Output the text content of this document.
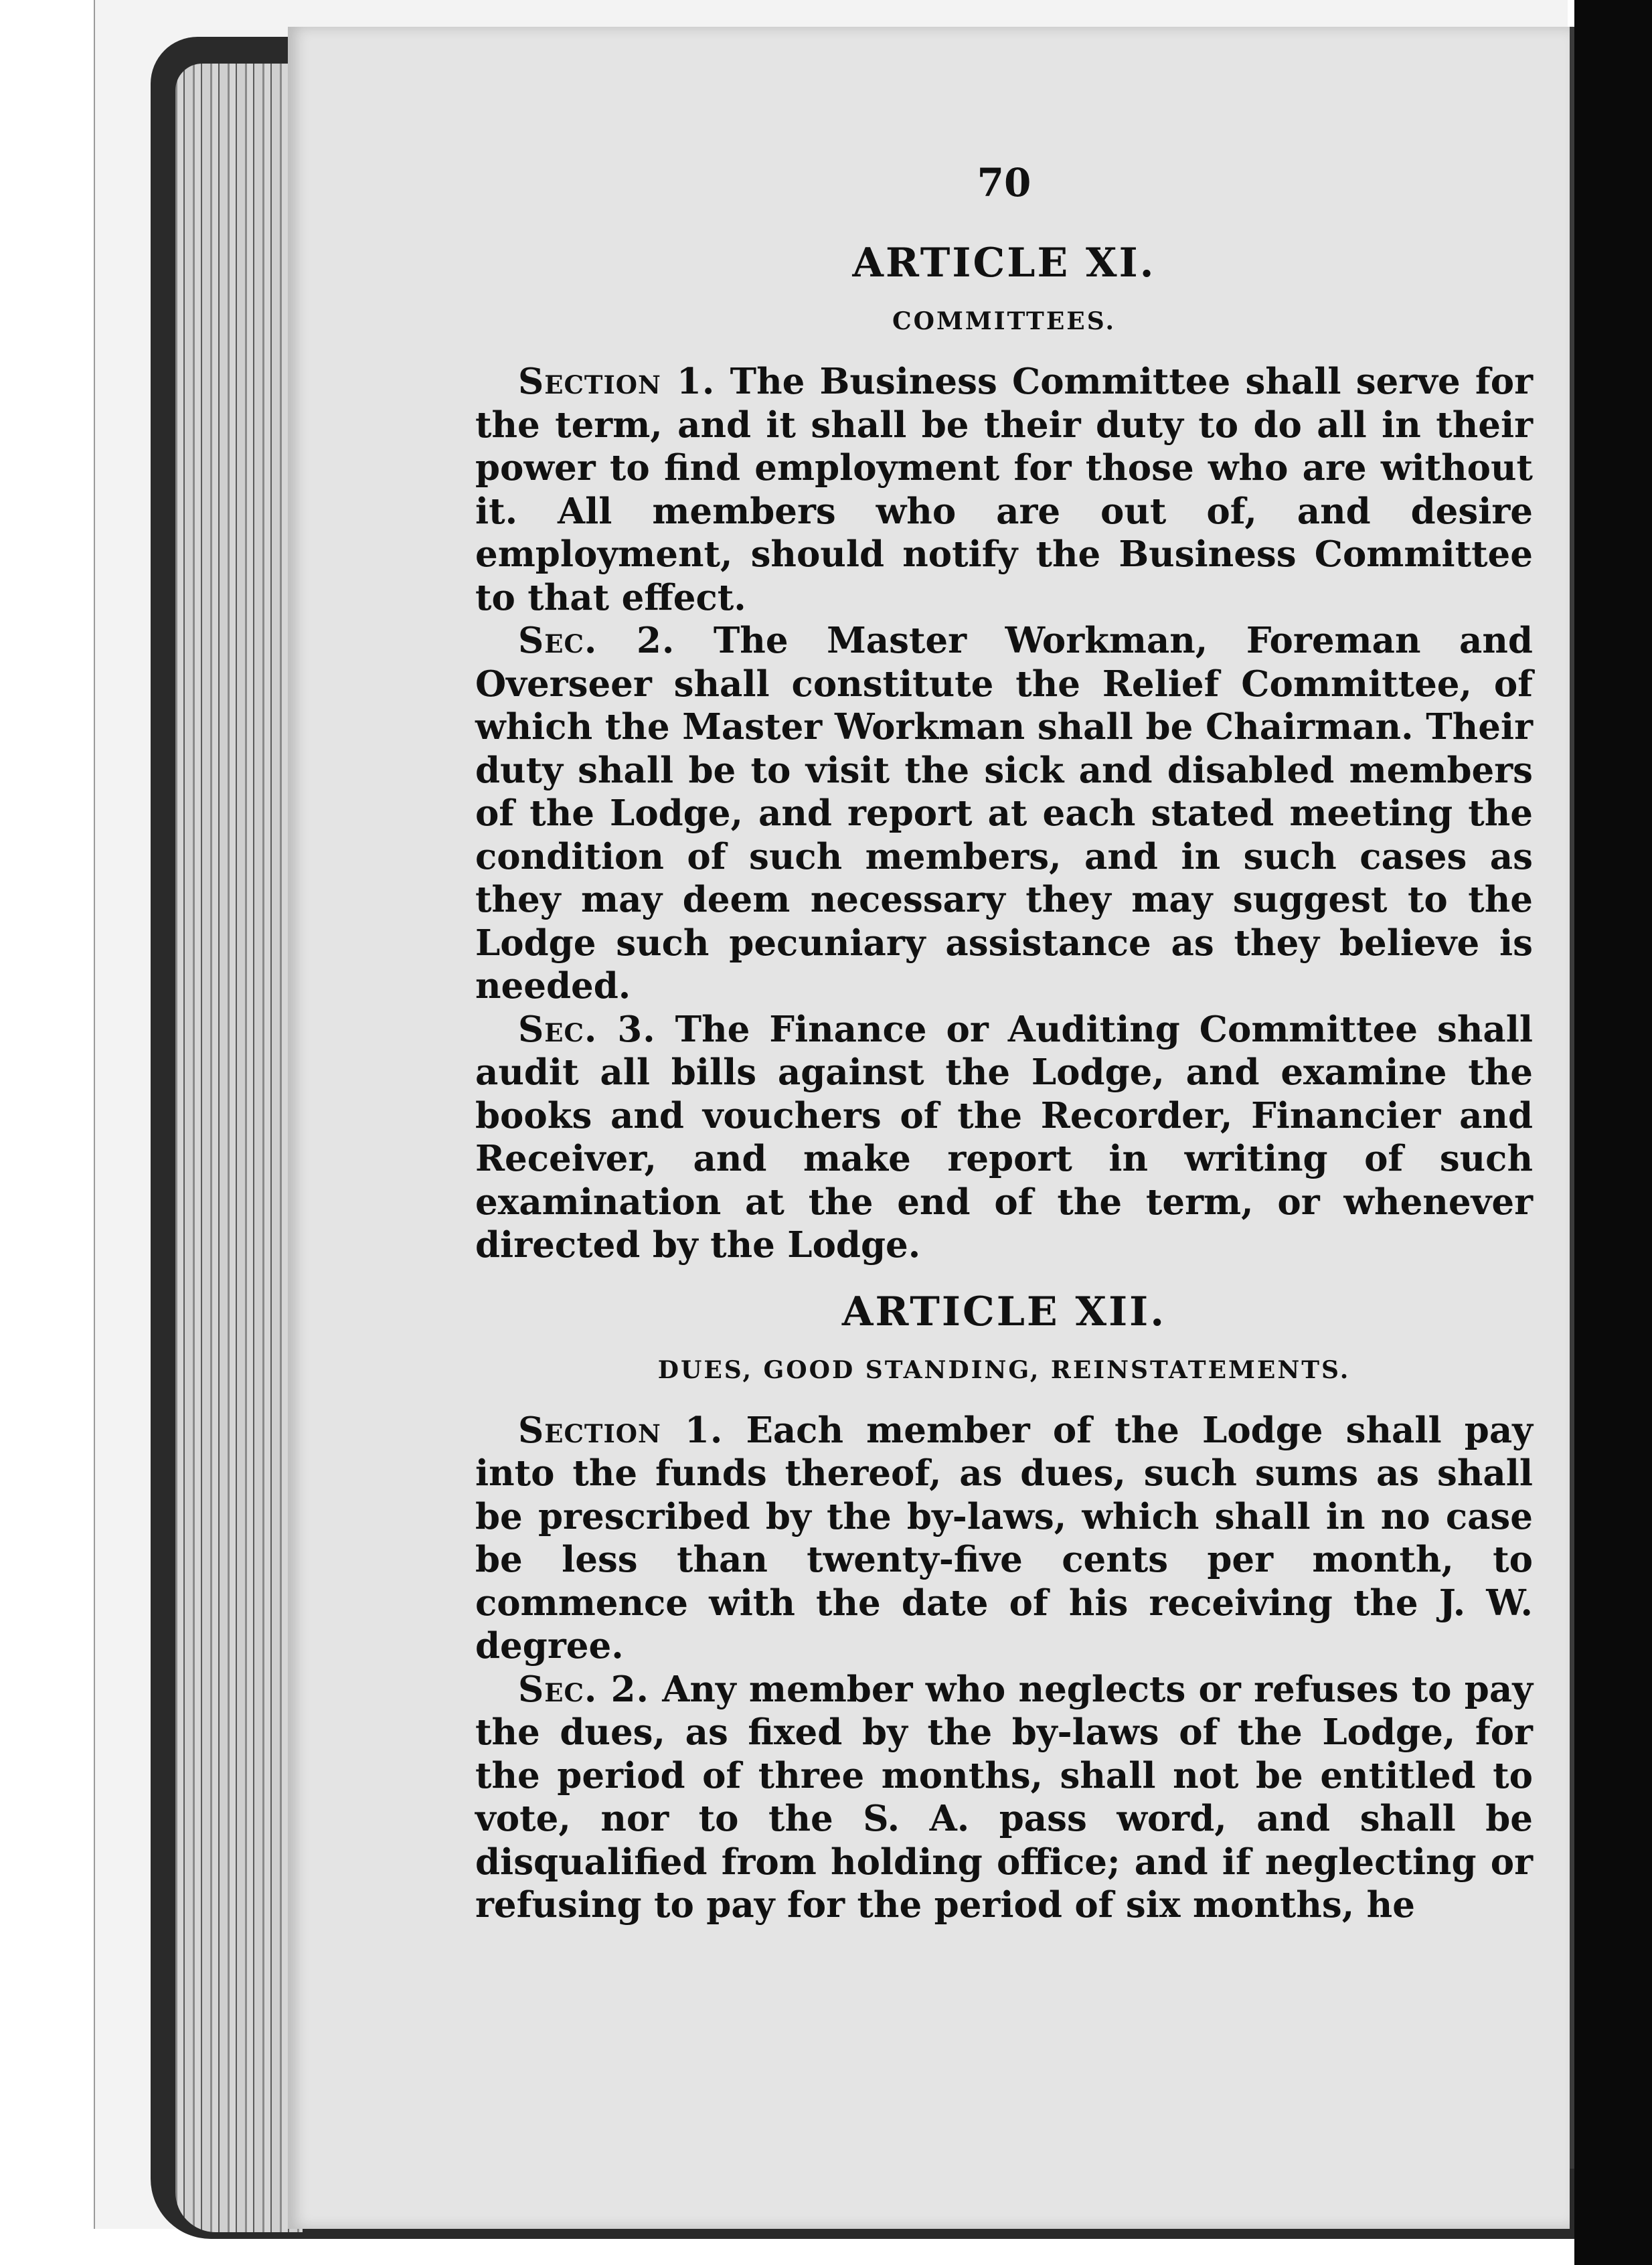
70
ARTICLE XI.
COMMITTEES.

Section 1. The Business Committee shall serve for the term, and it shall be their duty to do all in their power to find employment for those who are without it. All members who are out of, and desire employment, should notify the Business Committee to that effect.

Sec. 2. The Master Workman, Foreman and Overseer shall constitute the Relief Committee, of which the Master Workman shall be Chairman. Their duty shall be to visit the sick and disabled members of the Lodge, and report at each stated meeting the condition of such members, and in such cases as they may deem necessary they may suggest to the Lodge such pecuniary assistance as they believe is needed.

Sec. 3. The Finance or Auditing Committee shall audit all bills against the Lodge, and examine the books and vouchers of the Recorder, Financier and Receiver, and make report in writing of such examination at the end of the term, or whenever directed by the Lodge.

ARTICLE XII.
DUES, GOOD STANDING, REINSTATEMENTS.

Section 1. Each member of the Lodge shall pay into the funds thereof, as dues, such sums as shall be prescribed by the by-laws, which shall in no case be less than twenty-five cents per month, to commence with the date of his receiving the J. W. degree.

Sec. 2. Any member who neglects or refuses to pay the dues, as fixed by the by-laws of the Lodge, for the period of three months, shall not be entitled to vote, nor to the S. A. pass word, and shall be disqualified from holding office; and if neglecting or refusing to pay for the period of six months, he
